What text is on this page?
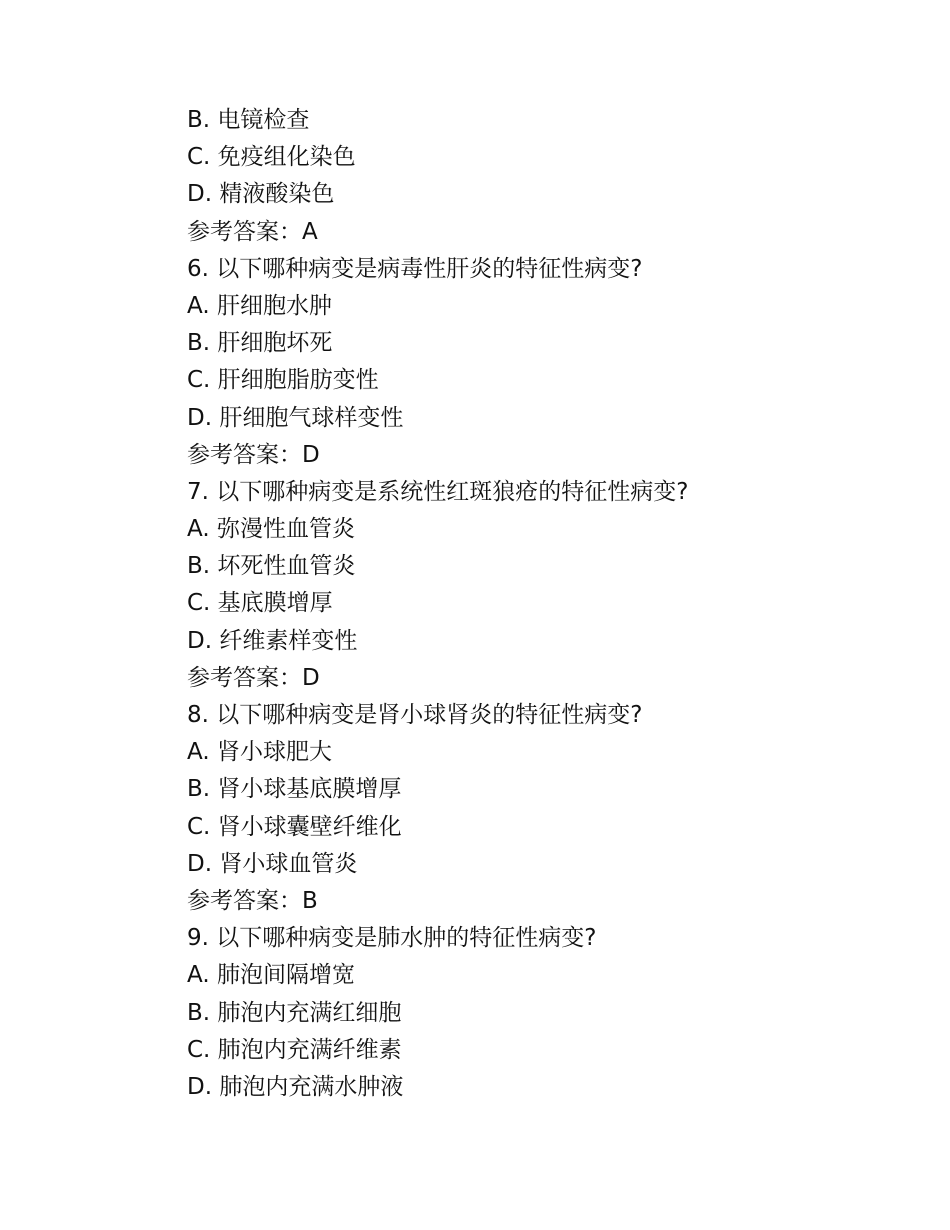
B. 电镜检查
C. 免疫组化染色
D. 精液酸染色
参考答案：A
6. 以下哪种病变是病毒性肝炎的特征性病变?
A. 肝细胞水肿
B. 肝细胞坏死
C. 肝细胞脂肪变性
D. 肝细胞气球样变性
参考答案：D
7. 以下哪种病变是系统性红斑狼疮的特征性病变?
A. 弥漫性血管炎
B. 坏死性血管炎
C. 基底膜增厚
D. 纤维素样变性
参考答案：D
8. 以下哪种病变是肾小球肾炎的特征性病变?
A. 肾小球肥大
B. 肾小球基底膜增厚
C. 肾小球囊壁纤维化
D. 肾小球血管炎
参考答案：B
9. 以下哪种病变是肺水肿的特征性病变?
A. 肺泡间隔增宽
B. 肺泡内充满红细胞
C. 肺泡内充满纤维素
D. 肺泡内充满水肿液
